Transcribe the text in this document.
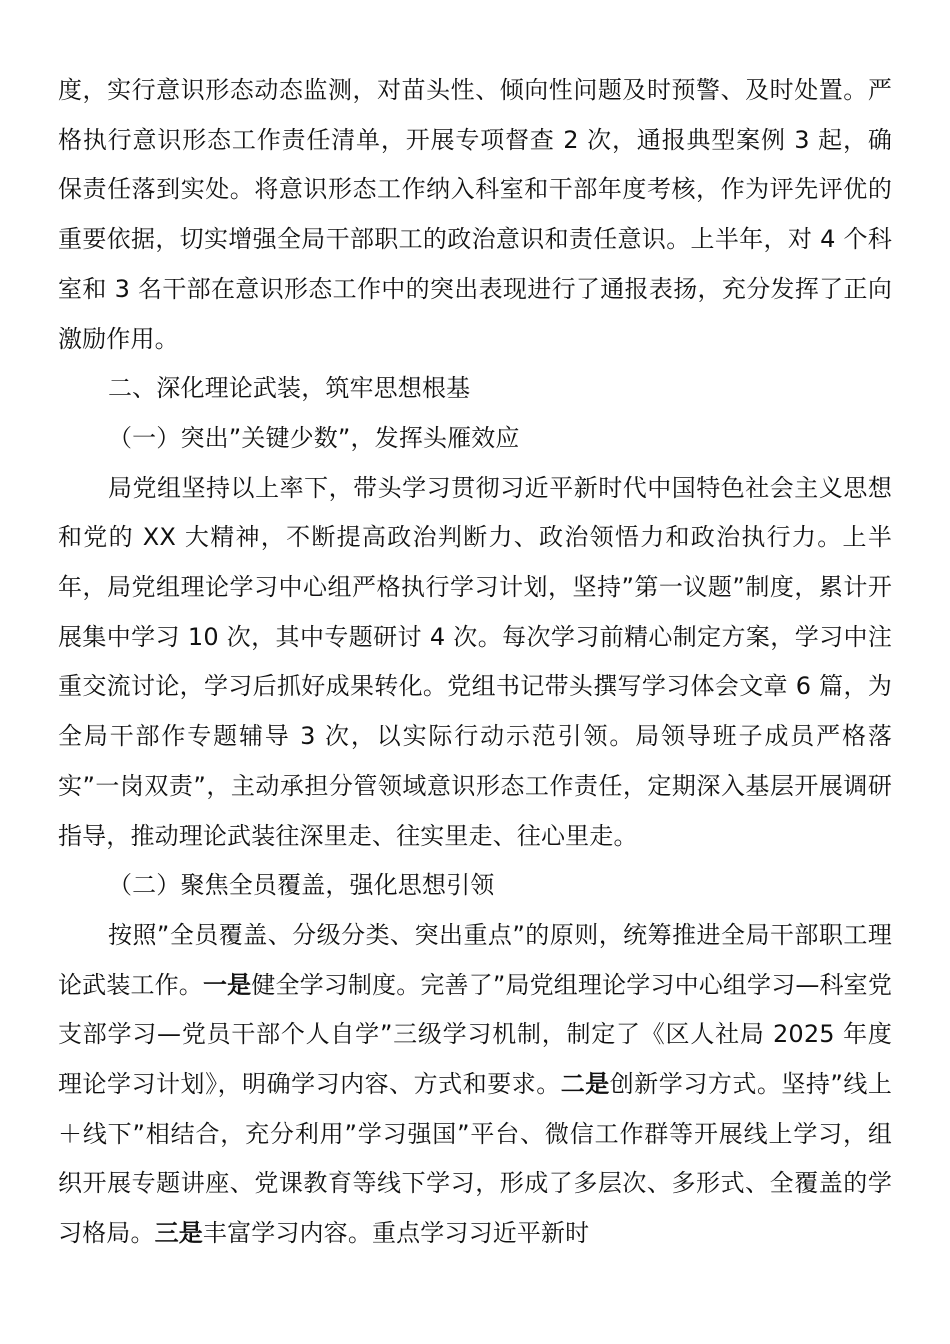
度，实行意识形态动态监测，对苗头性、倾向性问题及时预警、及时处置。严格执行意识形态工作责任清单，开展专项督查 2 次，通报典型案例 3 起，确保责任落到实处。将意识形态工作纳入科室和干部年度考核，作为评先评优的重要依据，切实增强全局干部职工的政治意识和责任意识。上半年，对 4 个科室和 3 名干部在意识形态工作中的突出表现进行了通报表扬，充分发挥了正向激励作用。

二、深化理论武装，筑牢思想根基

（一）突出”关键少数”，发挥头雁效应

局党组坚持以上率下，带头学习贯彻习近平新时代中国特色社会主义思想和党的 XX 大精神，不断提高政治判断力、政治领悟力和政治执行力。上半年，局党组理论学习中心组严格执行学习计划，坚持”第一议题”制度，累计开展集中学习 10 次，其中专题研讨 4 次。每次学习前精心制定方案，学习中注重交流讨论，学习后抓好成果转化。党组书记带头撰写学习体会文章 6 篇，为全局干部作专题辅导 3 次，以实际行动示范引领。局领导班子成员严格落实”一岗双责”，主动承担分管领域意识形态工作责任，定期深入基层开展调研指导，推动理论武装往深里走、往实里走、往心里走。

（二）聚焦全员覆盖，强化思想引领

按照”全员覆盖、分级分类、突出重点”的原则，统筹推进全局干部职工理论武装工作。一是健全学习制度。完善了”局党组理论学习中心组学习—科室党支部学习—党员干部个人自学”三级学习机制，制定了《区人社局 2025 年度理论学习计划》，明确学习内容、方式和要求。二是创新学习方式。坚持”线上＋线下”相结合，充分利用”学习强国”平台、微信工作群等开展线上学习，组织开展专题讲座、党课教育等线下学习，形成了多层次、多形式、全覆盖的学习格局。三是丰富学习内容。重点学习习近平新时
